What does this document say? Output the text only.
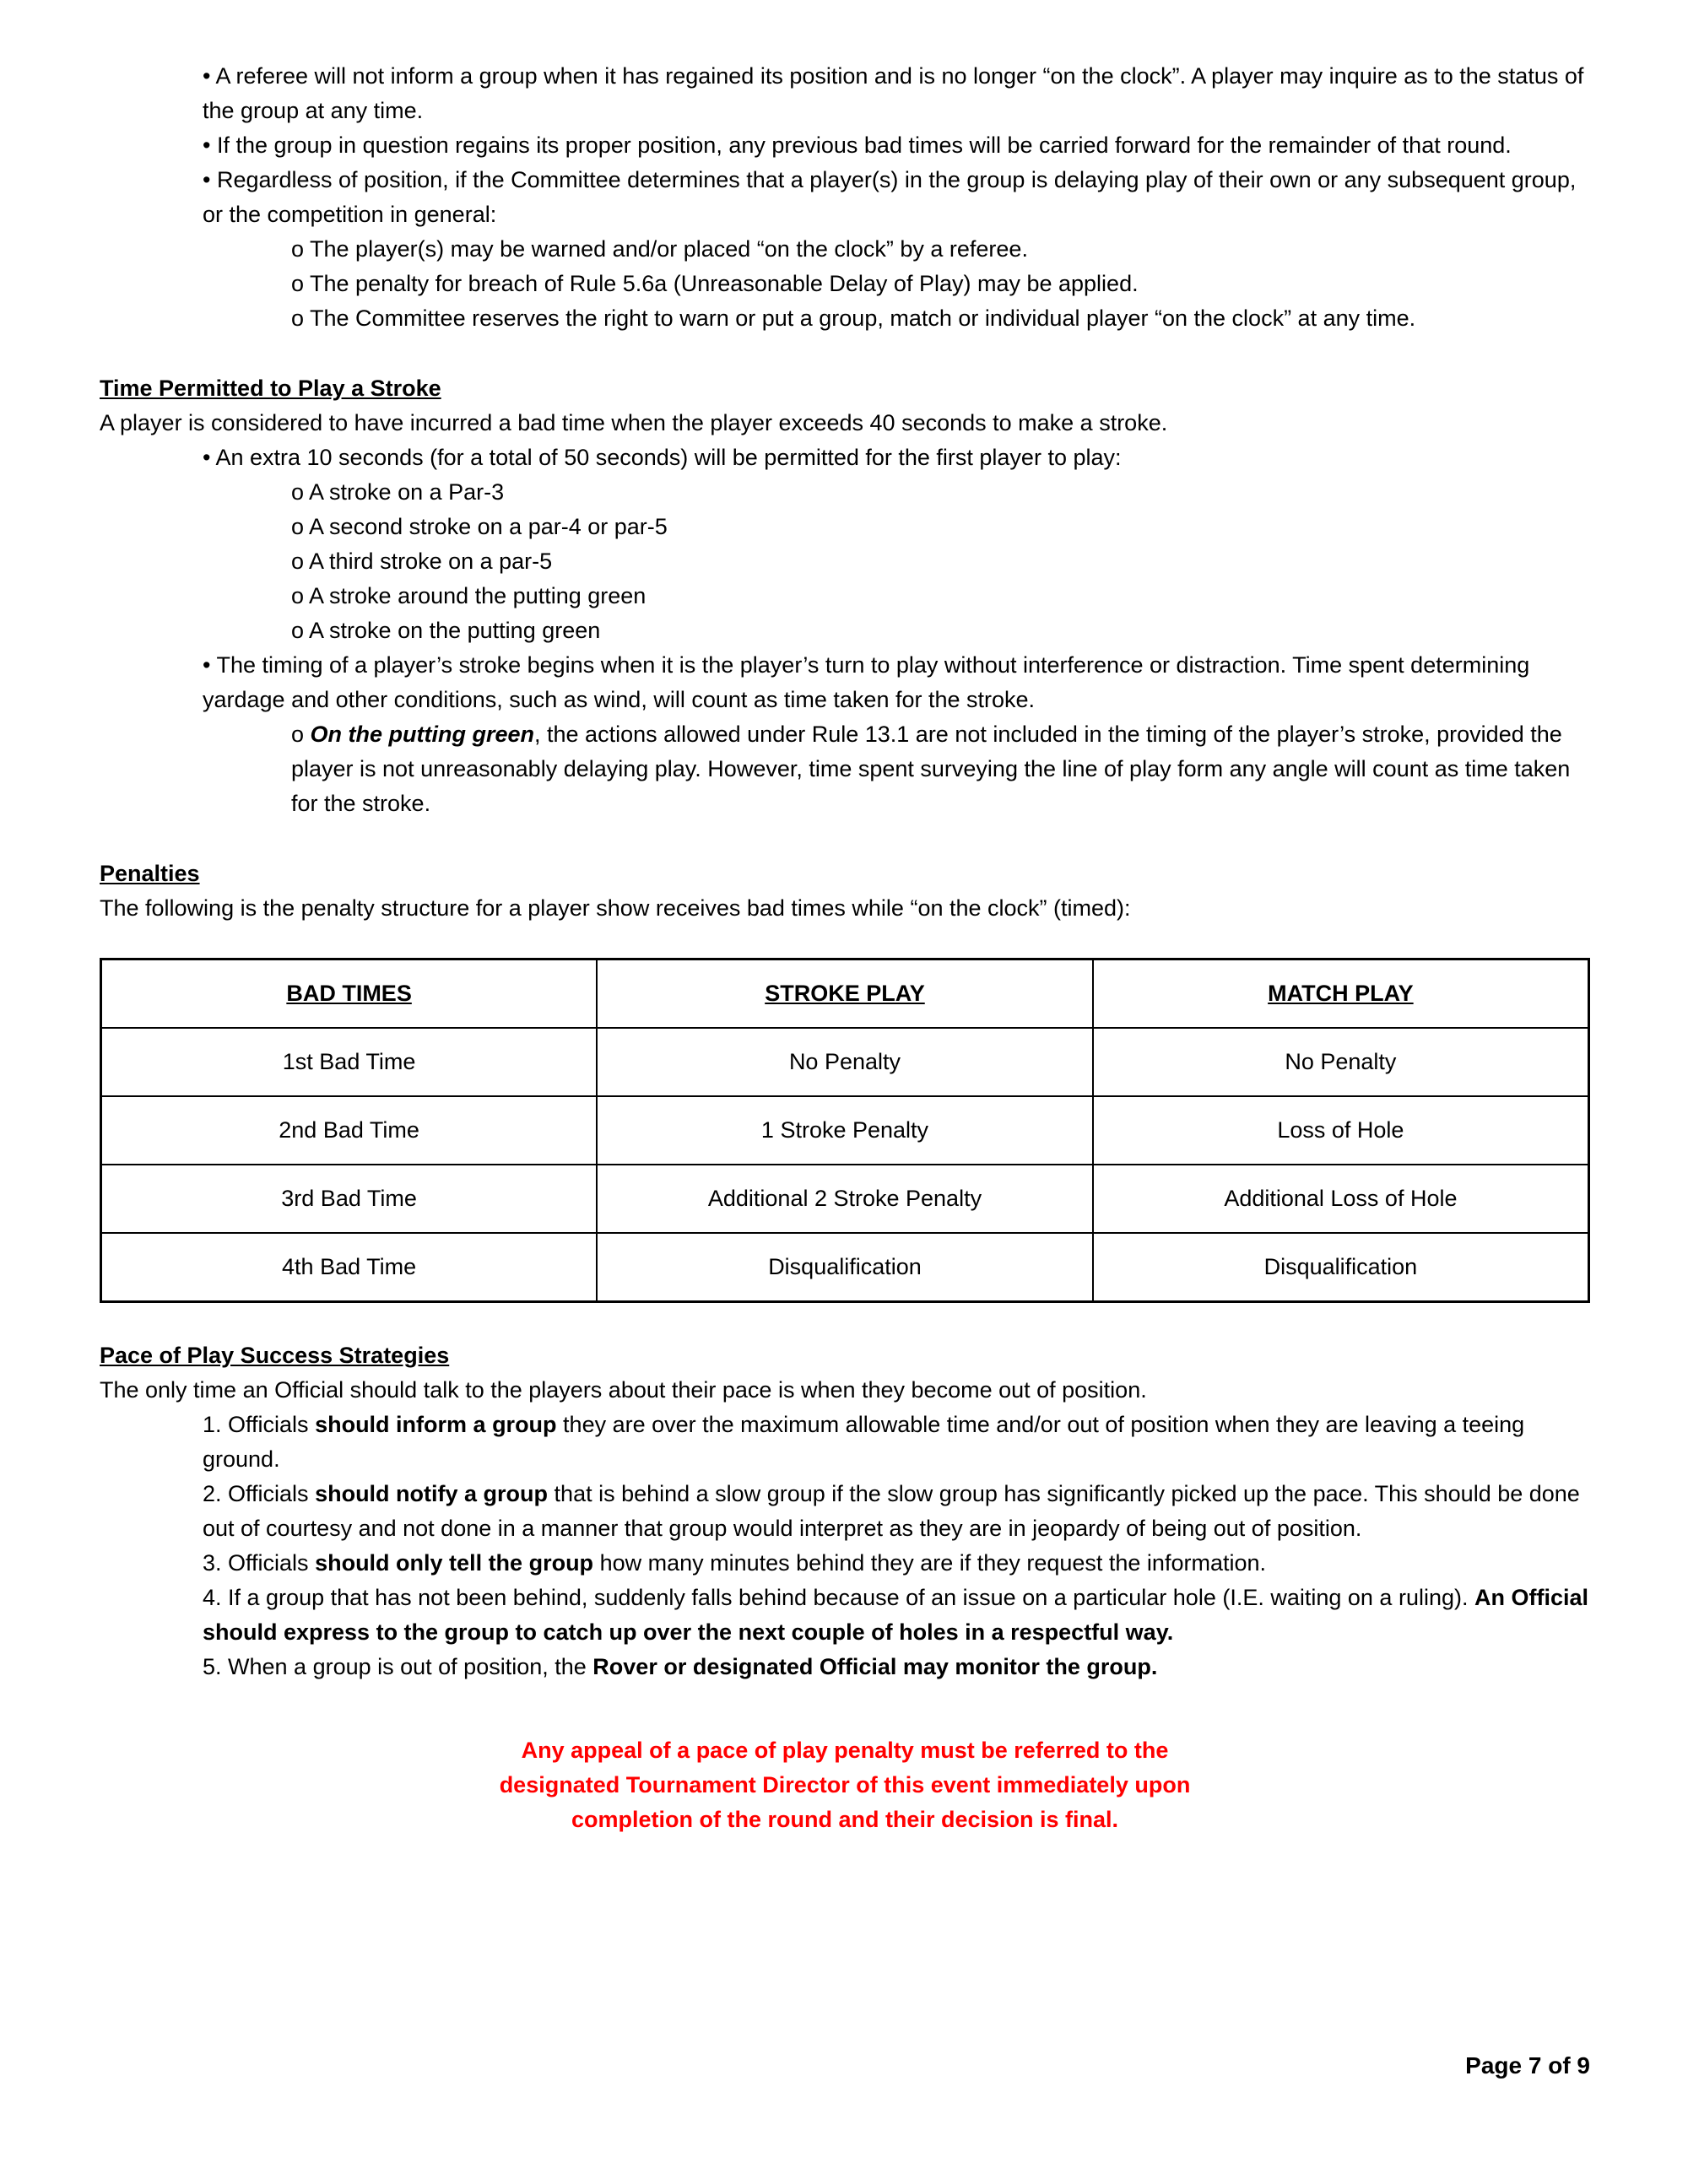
• A referee will not inform a group when it has regained its position and is no longer “on the clock”. A player may inquire as to the status of the group at any time.

• If the group in question regains its proper position, any previous bad times will be carried forward for the remainder of that round.

• Regardless of position, if the Committee determines that a player(s) in the group is delaying play of their own or any subsequent group, or the competition in general:

o The player(s) may be warned and/or placed “on the clock” by a referee.

o The penalty for breach of Rule 5.6a (Unreasonable Delay of Play) may be applied.

o The Committee reserves the right to warn or put a group, match or individual player “on the clock” at any time.

Time Permitted to Play a Stroke

A player is considered to have incurred a bad time when the player exceeds 40 seconds to make a stroke.

• An extra 10 seconds (for a total of 50 seconds) will be permitted for the first player to play:

o A stroke on a Par-3

o A second stroke on a par-4 or par-5

o A third stroke on a par-5

o A stroke around the putting green

o A stroke on the putting green

• The timing of a player’s stroke begins when it is the player’s turn to play without interference or distraction. Time spent determining yardage and other conditions, such as wind, will count as time taken for the stroke.

o On the putting green, the actions allowed under Rule 13.1 are not included in the timing of the player’s stroke, provided the player is not unreasonably delaying play. However, time spent surveying the line of play form any angle will count as time taken for the stroke.

Penalties

The following is the penalty structure for a player show receives bad times while “on the clock” (timed):

BAD TIMES	STROKE PLAY	MATCH PLAY
1st Bad Time	No Penalty	No Penalty
2nd Bad Time	1 Stroke Penalty	Loss of Hole
3rd Bad Time	Additional 2 Stroke Penalty	Additional Loss of Hole
4th Bad Time	Disqualification	Disqualification

Pace of Play Success Strategies

The only time an Official should talk to the players about their pace is when they become out of position.

1. Officials should inform a group they are over the maximum allowable time and/or out of position when they are leaving a teeing ground.

2. Officials should notify a group that is behind a slow group if the slow group has significantly picked up the pace. This should be done out of courtesy and not done in a manner that group would interpret as they are in jeopardy of being out of position.

3. Officials should only tell the group how many minutes behind they are if they request the information.

4. If a group that has not been behind, suddenly falls behind because of an issue on a particular hole (I.E. waiting on a ruling). An Official should express to the group to catch up over the next couple of holes in a respectful way.

5. When a group is out of position, the Rover or designated Official may monitor the group.

Any appeal of a pace of play penalty must be referred to the
designated Tournament Director of this event immediately upon
completion of the round and their decision is final.
Page 7 of 9
